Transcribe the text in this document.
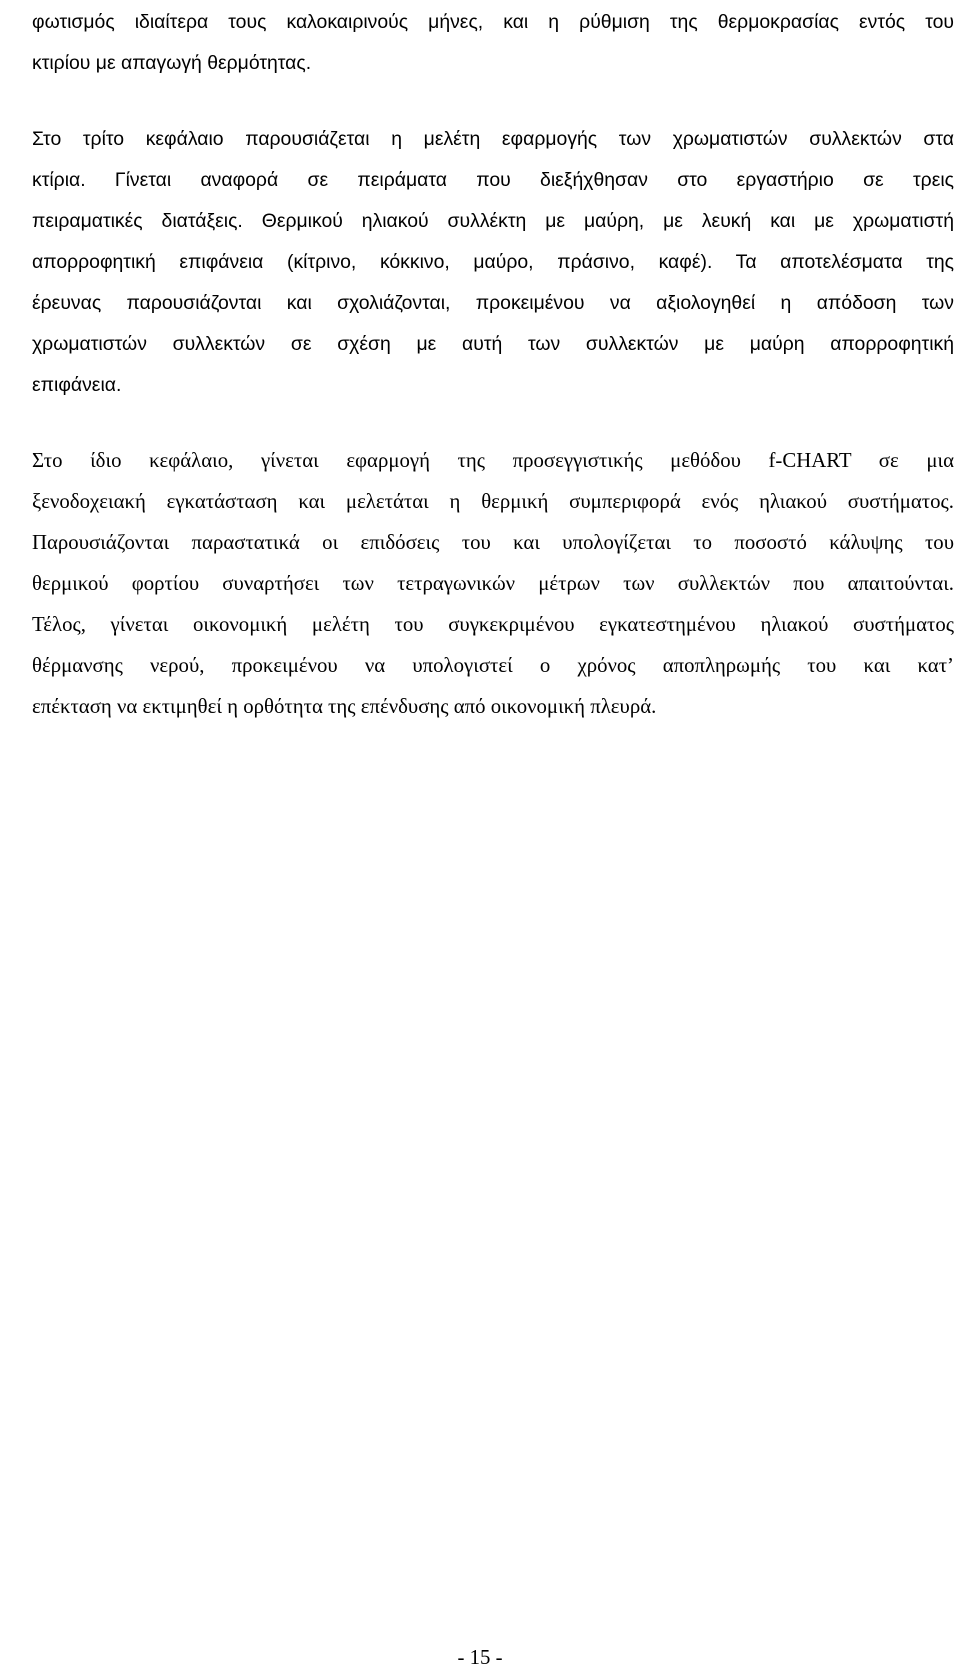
φωτισμός ιδιαίτερα τους καλοκαιρινούς μήνες, και η ρύθμιση της θερμοκρασίας εντός του
κτιρίου με απαγωγή θερμότητας.

Στο τρίτο κεφάλαιο παρουσιάζεται η μελέτη εφαρμογής των χρωματιστών συλλεκτών στα
κτίρια. Γίνεται αναφορά σε πειράματα που διεξήχθησαν στο εργαστήριο σε τρεις
πειραματικές διατάξεις. Θερμικού ηλιακού συλλέκτη με μαύρη, με λευκή και με χρωματιστή
απορροφητική επιφάνεια (κίτρινο, κόκκινο, μαύρο, πράσινο, καφέ). Τα αποτελέσματα της
έρευνας παρουσιάζονται και σχολιάζονται, προκειμένου να αξιολογηθεί η απόδοση των
χρωματιστών συλλεκτών σε σχέση με αυτή των συλλεκτών με μαύρη απορροφητική
επιφάνεια.

Στο ίδιο κεφάλαιο, γίνεται εφαρμογή της προσεγγιστικής μεθόδου f-CHART σε μια
ξενοδοχειακή εγκατάσταση και μελετάται η θερμική συμπεριφορά ενός ηλιακού συστήματος.
Παρουσιάζονται παραστατικά οι επιδόσεις του και υπολογίζεται το ποσοστό κάλυψης του
θερμικού φορτίου συναρτήσει των τετραγωνικών μέτρων των συλλεκτών που απαιτούνται.
Τέλος, γίνεται οικονομική μελέτη του συγκεκριμένου εγκατεστημένου ηλιακού συστήματος
θέρμανσης νερού, προκειμένου να υπολογιστεί ο χρόνος αποπληρωμής του και κατ’
επέκταση να εκτιμηθεί η ορθότητα της επένδυσης από οικονομική πλευρά.

- 15 -
